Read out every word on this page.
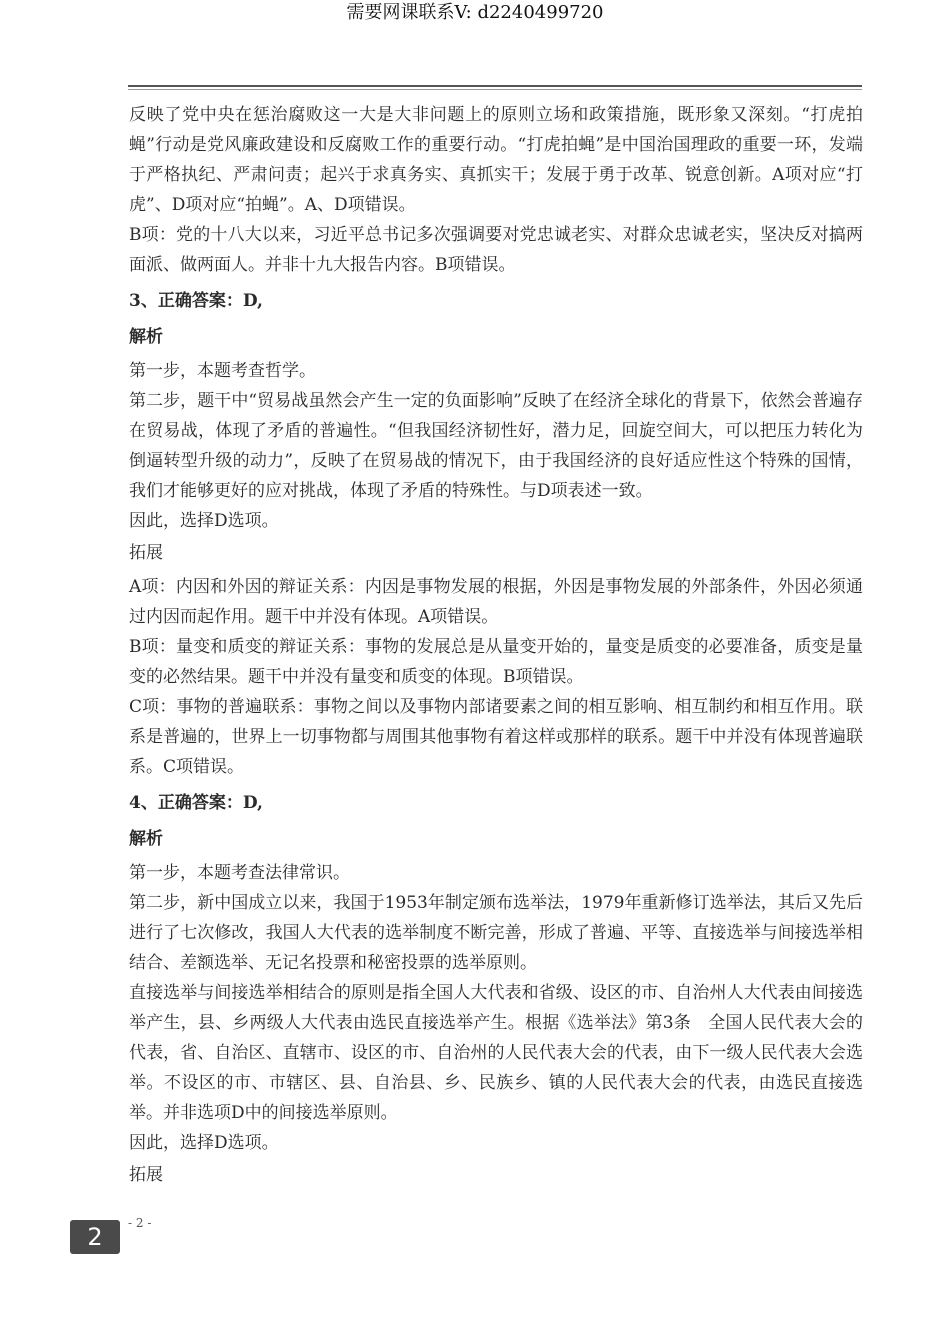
需要网课联系V: d2240499720

反映了党中央在惩治腐败这一大是大非问题上的原则立场和政策措施，既形象又深刻。“打虎拍蝇”行动是党风廉政建设和反腐败工作的重要行动。“打虎拍蝇”是中国治国理政的重要一环，发端于严格执纪、严肃问责；起兴于求真务实、真抓实干；发展于勇于改革、锐意创新。A项对应“打虎”、D项对应“拍蝇”。A、D项错误。

B项：党的十八大以来，习近平总书记多次强调要对党忠诚老实、对群众忠诚老实，坚决反对搞两面派、做两面人。并非十九大报告内容。B项错误。

3、正确答案：D,
解析

第一步，本题考查哲学。

第二步，题干中“贸易战虽然会产生一定的负面影响”反映了在经济全球化的背景下，依然会普遍存在贸易战，体现了矛盾的普遍性。“但我国经济韧性好，潜力足，回旋空间大，可以把压力转化为倒逼转型升级的动力”，反映了在贸易战的情况下，由于我国经济的良好适应性这个特殊的国情，我们才能够更好的应对挑战，体现了矛盾的特殊性。与D项表述一致。

因此，选择D选项。

拓展

A项：内因和外因的辩证关系：内因是事物发展的根据，外因是事物发展的外部条件，外因必须通过内因而起作用。题干中并没有体现。A项错误。

B项：量变和质变的辩证关系：事物的发展总是从量变开始的，量变是质变的必要准备，质变是量变的必然结果。题干中并没有量变和质变的体现。B项错误。

C项：事物的普遍联系：事物之间以及事物内部诸要素之间的相互影响、相互制约和相互作用。联系是普遍的，世界上一切事物都与周围其他事物有着这样或那样的联系。题干中并没有体现普遍联系。C项错误。

4、正确答案：D,
解析

第一步，本题考查法律常识。

第二步，新中国成立以来，我国于1953年制定颁布选举法，1979年重新修订选举法，其后又先后进行了七次修改，我国人大代表的选举制度不断完善，形成了普遍、平等、直接选举与间接选举相结合、差额选举、无记名投票和秘密投票的选举原则。

直接选举与间接选举相结合的原则是指全国人大代表和省级、设区的市、自治州人大代表由间接选举产生，县、乡两级人大代表由选民直接选举产生。根据《选举法》第3条　全国人民代表大会的代表，省、自治区、直辖市、设区的市、自治州的人民代表大会的代表，由下一级人民代表大会选举。不设区的市、市辖区、县、自治县、乡、民族乡、镇的人民代表大会的代表，由选民直接选举。并非选项D中的间接选举原则。

因此，选择D选项。

拓展
2	- 2 -
